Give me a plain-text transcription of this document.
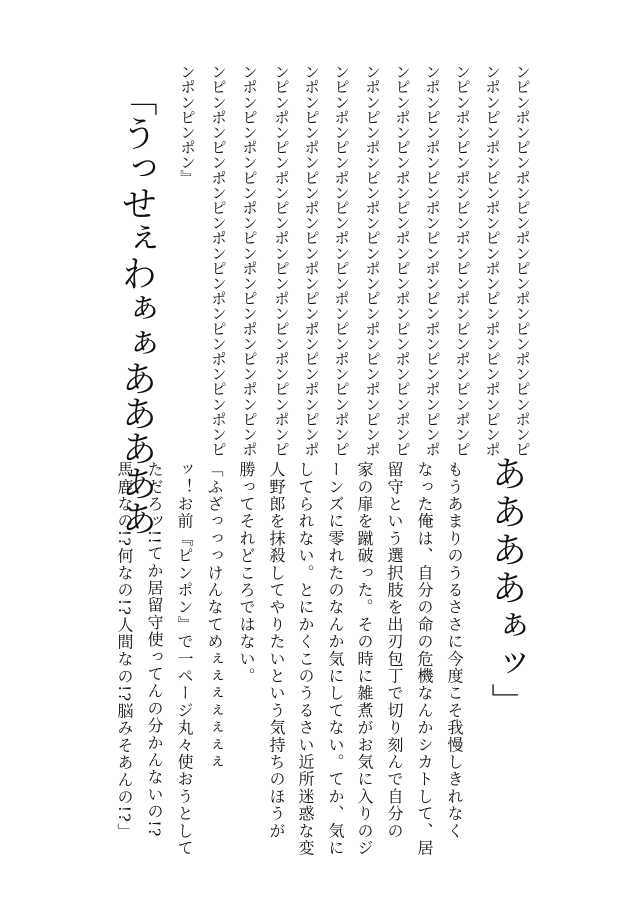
ンピンポンピンポンピンポンピンポンピンポンピンポンピ
ンポンピンポンピンポンピンポンピンポンピンポンピンポ
ンピンポンピンポンピンポンピンポンピンポンピンポンピ
ンポンピンポンピンポンピンポンピンポンピンポンピンポ
ンピンポンピンポンピンポンピンポンピンポンピンポンピ
ンポンピンポンピンポンピンポンピンポンピンポンピンポ
ンピンポンピンポンピンポンピンポンピンポンピンポンピ
ンポンピンポンピンポンピンポンピンポンピンポンピンポ
ンピンポンピンポンピンポンピンポンピンポンピンポンピ
ンポンピンポンピンポンピンポンピンポンピンポンピンポ
ンピンポンピンポンピンポンピンポンピンポンピンポンピ
ンポンピンポン』
「うっせぇわぁぁあああああ
ああああぁッ」
もうあまりのうるささに今度こそ我慢しきれなく
なった俺は、自分の命の危機なんかシカトして、居
留守という選択肢を出刃包丁で切り刻んで自分の
家の扉を蹴破った。その時に雑煮がお気に入りのジ
ーンズに零れたのなんか気にしてない。てか、気に
してられない。とにかくこのうるさい近所迷惑な変
人野郎を抹殺してやりたいという気持ちのほうが
勝ってそれどころではない。
「ふざっっっけんなてめぇぇぇぇぇぇぇ
ッ！お前『ピンポン』で一ページ丸々使おうとして
ただろッ!!てか居留守使ってんの分かんないの!?
馬鹿なの!?何なの!?人間なの!?脳みそあんの!?」
